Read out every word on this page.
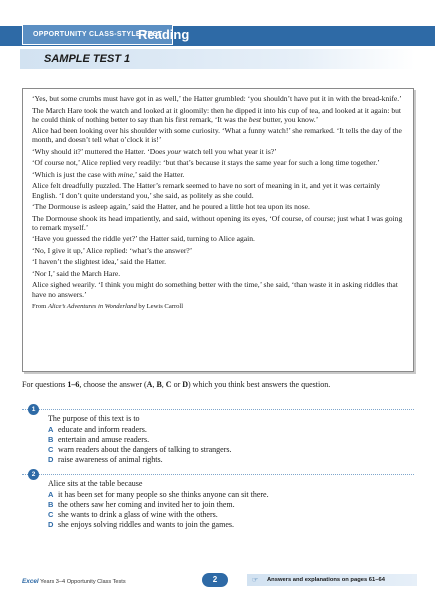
OPPORTUNITY CLASS-STYLE TEST
Reading
SAMPLE TEST 1

‘Yes, but some crumbs must have got in as well,’ the Hatter grumbled: ‘you shouldn’t have put it in with the bread-knife.’

The March Hare took the watch and looked at it gloomily: then he dipped it into his cup of tea, and looked at it again: but he could think of nothing better to say than his first remark, ‘It was the best butter, you know.’

Alice had been looking over his shoulder with some curiosity. ‘What a funny watch!’ she remarked. ‘It tells the day of the month, and doesn’t tell what o’clock it is!’

‘Why should it?’ muttered the Hatter. ‘Does your watch tell you what year it is?’

‘Of course not,’ Alice replied very readily: ‘but that’s because it stays the same year for such a long time together.’

‘Which is just the case with mine,’ said the Hatter.

Alice felt dreadfully puzzled. The Hatter’s remark seemed to have no sort of meaning in it, and yet it was certainly English. ‘I don’t quite understand you,’ she said, as politely as she could.

‘The Dormouse is asleep again,’ said the Hatter, and he poured a little hot tea upon its nose.

The Dormouse shook its head impatiently, and said, without opening its eyes, ‘Of course, of course; just what I was going to remark myself.’

‘Have you guessed the riddle yet?’ the Hatter said, turning to Alice again.

‘No, I give it up,’ Alice replied: ‘what’s the answer?’

‘I haven’t the slightest idea,’ said the Hatter.

‘Nor I,’ said the March Hare.

Alice sighed wearily. ‘I think you might do something better with the time,’ she said, ‘than waste it in asking riddles that have no answers.’

From Alice’s Adventures in Wonderland by Lewis Carroll

For questions 1–6, choose the answer (A, B, C or D) which you think best answers the question.
1
The purpose of this text is to
A educate and inform readers.
B entertain and amuse readers.
C warn readers about the dangers of talking to strangers.
D raise awareness of animal rights.
2
Alice sits at the table because
A it has been set for many people so she thinks anyone can sit there.
B the others saw her coming and invited her to join them.
C she wants to drink a glass of wine with the others.
D she enjoys solving riddles and wants to join the games.
Excel Years 3–4 Opportunity Class Tests	2	☞	Answers and explanations on pages 61–64
